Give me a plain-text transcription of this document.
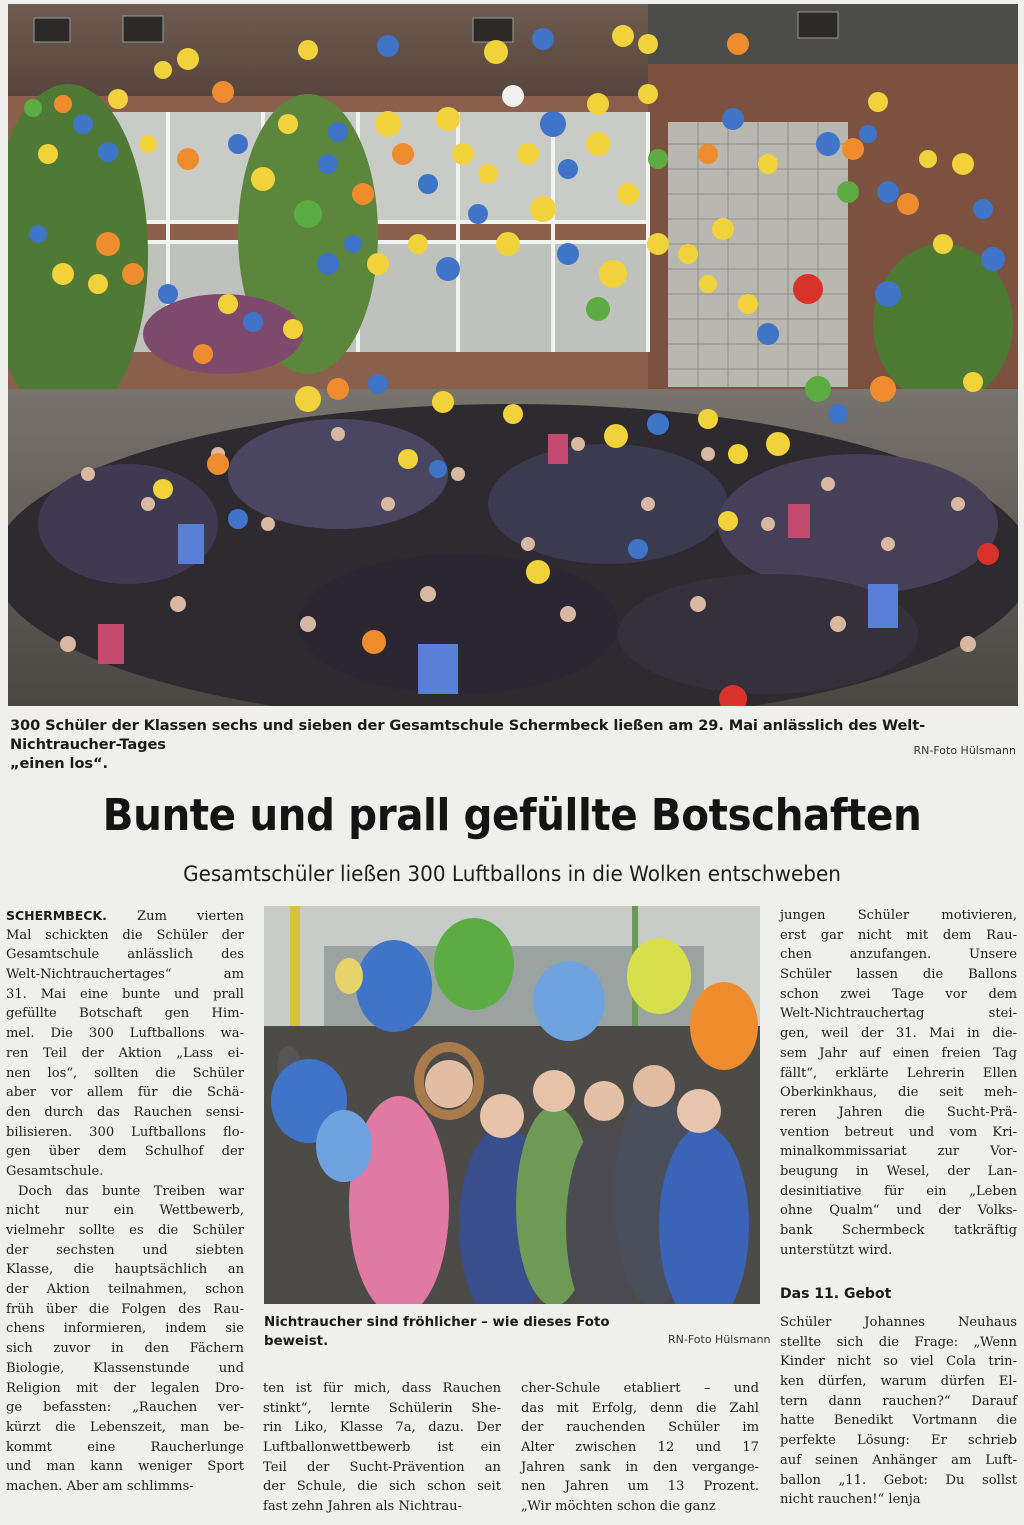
300 Schüler der Klassen sechs und sieben der Gesamtschule Schermbeck ließen am 29. Mai anlässlich des Welt-Nichtraucher-Tages
„einen los“.
RN-Foto Hülsmann
Bunte und prall gefüllte Botschaften
Gesamtschüler ließen 300 Luftballons in die Wolken entschweben
SCHERMBECK. Zum vierten
Mal schickten die Schüler der
Gesamtschule anlässlich des
Welt-Nichtrauchertages“ am
31. Mai eine bunte und prall
gefüllte Botschaft gen Him-
mel. Die 300 Luftballons wa-
ren Teil der Aktion „Lass ei-
nen los“, sollten die Schüler
aber vor allem für die Schä-
den durch das Rauchen sensi-
bilisieren. 300 Luftballons flo-
gen über dem Schulhof der
Gesamtschule.
Doch das bunte Treiben war
nicht nur ein Wettbewerb,
vielmehr sollte es die Schüler
der sechsten und siebten
Klasse, die hauptsächlich an
der Aktion teilnahmen, schon
früh über die Folgen des Rau-
chens informieren, indem sie
sich zuvor in den Fächern
Biologie, Klassenstunde und
Religion mit der legalen Dro-
ge befassten: „Rauchen ver-
kürzt die Lebenszeit, man be-
kommt eine Raucherlunge
und man kann weniger Sport
machen. Aber am schlimms-
Nichtraucher sind fröhlicher – wie dieses Foto beweist.	RN-Foto Hülsmann
ten ist für mich, dass Rauchen
stinkt“, lernte Schülerin She-
rin Liko, Klasse 7a, dazu. Der
Luftballonwettbewerb ist ein
Teil der Sucht-Prävention an
der Schule, die sich schon seit
fast zehn Jahren als Nichtrau-
cher-Schule etabliert – und
das mit Erfolg, denn die Zahl
der rauchenden Schüler im
Alter zwischen 12 und 17
Jahren sank in den vergange-
nen Jahren um 13 Prozent.
„Wir möchten schon die ganz
jungen Schüler motivieren,
erst gar nicht mit dem Rau-
chen anzufangen. Unsere
Schüler lassen die Ballons
schon zwei Tage vor dem
Welt-Nichtrauchertag stei-
gen, weil der 31. Mai in die-
sem Jahr auf einen freien Tag
fällt“, erklärte Lehrerin Ellen
Oberkinkhaus, die seit meh-
reren Jahren die Sucht-Prä-
vention betreut und vom Kri-
minalkommissariat zur Vor-
beugung in Wesel, der Lan-
desinitiative für ein „Leben
ohne Qualm“ und der Volks-
bank Schermbeck tatkräftig
unterstützt wird.
Das 11. Gebot
Schüler Johannes Neuhaus
stellte sich die Frage: „Wenn
Kinder nicht so viel Cola trin-
ken dürfen, warum dürfen El-
tern dann rauchen?“ Darauf
hatte Benedikt Vortmann die
perfekte Lösung: Er schrieb
auf seinen Anhänger am Luft-
ballon „11. Gebot: Du sollst
nicht rauchen!“ lenja
